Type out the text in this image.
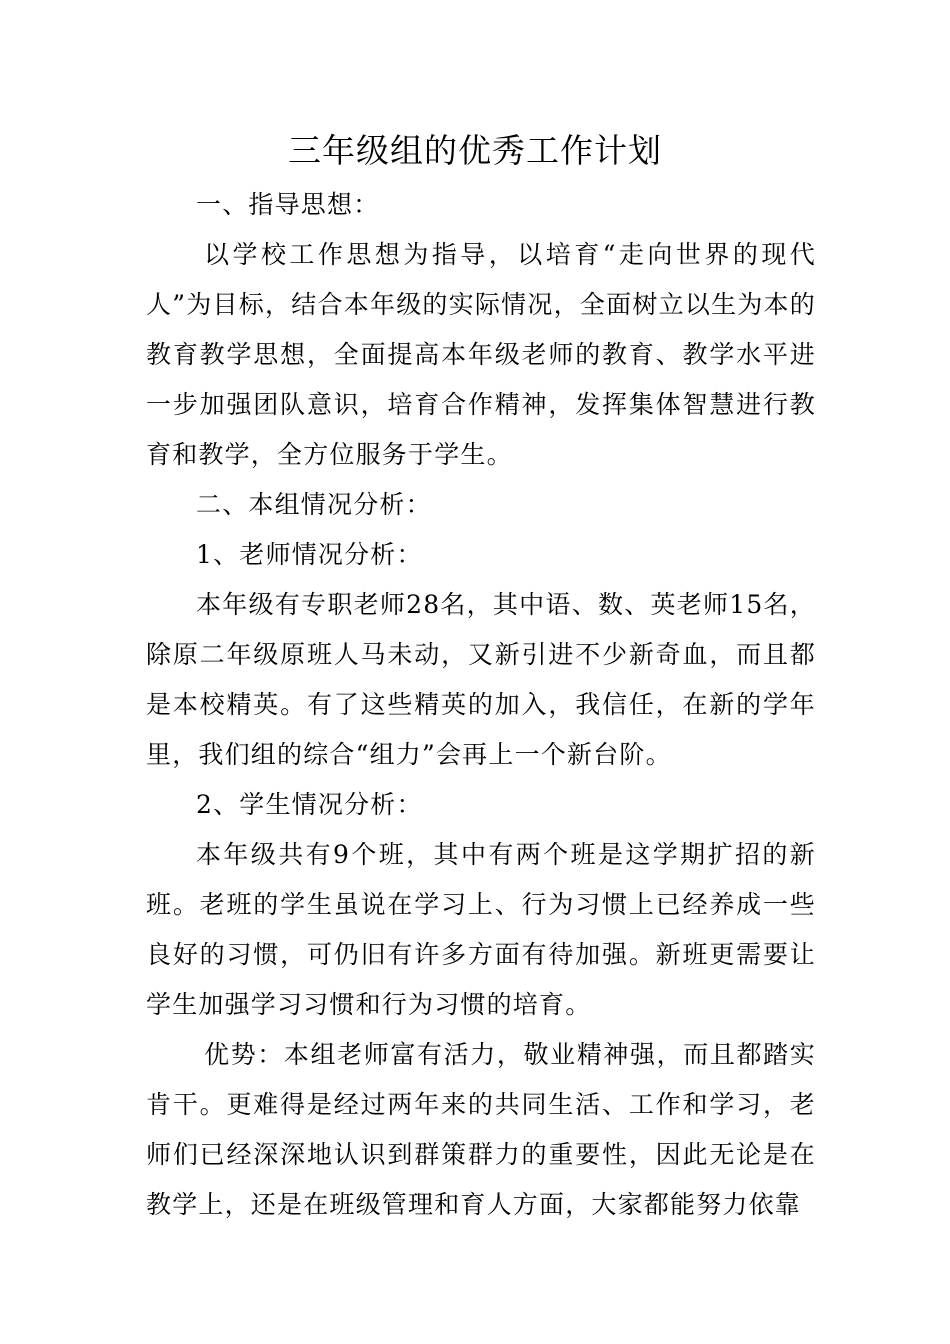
三年级组的优秀工作计划

一、指导思想：

以学校工作思想为指导，以培育“走向世界的现代人”为目标，结合本年级的实际情况，全面树立以生为本的教育教学思想，全面提高本年级老师的教育、教学水平进一步加强团队意识，培育合作精神，发挥集体智慧进行教育和教学，全方位服务于学生。

二、本组情况分析：

1、老师情况分析：

本年级有专职老师28名，其中语、数、英老师15名，除原二年级原班人马未动，又新引进不少新奇血，而且都是本校精英。有了这些精英的加入，我信任，在新的学年里，我们组的综合“组力”会再上一个新台阶。

2、学生情况分析：

本年级共有9个班，其中有两个班是这学期扩招的新班。老班的学生虽说在学习上、行为习惯上已经养成一些良好的习惯，可仍旧有许多方面有待加强。新班更需要让学生加强学习习惯和行为习惯的培育。

优势：本组老师富有活力，敬业精神强，而且都踏实肯干。更难得是经过两年来的共同生活、工作和学习，老师们已经深深地认识到群策群力的重要性，因此无论是在教学上，还是在班级管理和育人方面，大家都能努力依靠
